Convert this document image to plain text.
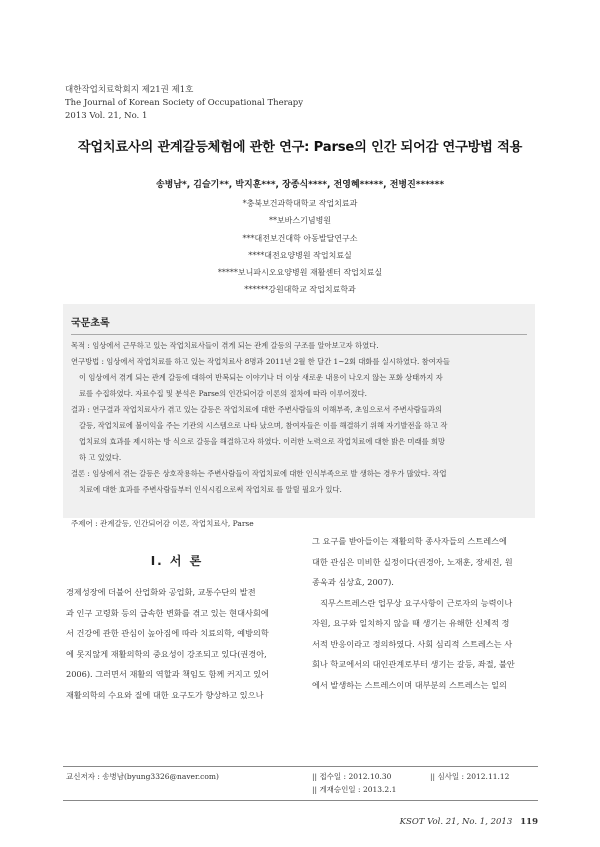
대한작업치료학회지 제21권 제1호
The Journal of Korean Society of Occupational Therapy
2013 Vol. 21, No. 1
작업치료사의 관계갈등체험에 관한 연구: Parse의 인간 되어감 연구방법 적용
송병남*, 김슬기**, 박지훈***, 장종식****, 전영혜*****, 전병진******
*충북보건과학대학교 작업치료과
**보바스기념병원
***대전보건대학 아동발달연구소
****대전요양병원 작업치료실
*****보니파시오요양병원 재활센터 작업치료실
******강원대학교 작업치료학과
국문초록
목적 : 임상에서 근무하고 있는 작업치료사들이 겪게 되는 관계 갈등의 구조를 알아보고자 하였다.
연구방법 : 임상에서 작업치료를 하고 있는 작업치료사 8명과 2011년 2월 한 달간 1~2회 대화를 실시하였다. 참여자들
이 임상에서 겪게 되는 관계 갈등에 대하여 반복되는 이야기나 더 이상 새로운 내용이 나오지 않는 포화 상태까지 자
료를 수집하였다. 자료수집 및 분석은 Parse의 인간되어감 이론의 절차에 따라 이루어졌다.
결과 : 연구결과 작업치료사가 겪고 있는 갈등은 작업치료에 대한 주변사람들의 이해부족, 초임으로서 주변사람들과의
갈등, 작업치료에 불이익을 주는 기관의 시스템으로 나타 났으며, 참여자들은 이를 해결하기 위해 자기발전을 하고 작
업치료의 효과를 제시하는 방 식으로 갈등을 해결하고자 하였다. 이러한 노력으로 작업치료에 대한 밝은 미래를 희망
하 고 있었다.
결론 : 임상에서 겪는 갈등은 상호작용하는 주변사람들이 작업치료에 대한 인식부족으로 발 생하는 경우가 많았다. 작업
치료에 대한 효과를 주변사람들부터 인식시킴으로써 작업치료 를 알릴 필요가 있다.
주제어 : 관계갈등, 인간되어감 이론, 작업치료사, Parse
Ⅰ. 서 론
경제성장에 더불어 산업화와 공업화, 교통수단의 발전
과 인구 고령화 등의 급속한 변화를 겪고 있는 현대사회에
서 건강에 관한 관심이 높아짐에 따라 치료의학, 예방의학
에 못지않게 재활의학의 중요성이 강조되고 있다(권경아,
2006). 그러면서 재활의 역할과 책임도 함께 커지고 있어
재활의학의 수요와 질에 대한 요구도가 향상하고 있으나
그 요구를 받아들이는 재활의학 종사자들의 스트레스에
대한 관심은 미비한 실정이다(권경아, 노재훈, 장세진, 원
종욱과 심상효, 2007).
직무스트레스란 업무상 요구사항이 근로자의 능력이나
자원, 요구와 일치하지 않을 때 생기는 유해한 신체적 정
서적 반응이라고 정의하였다. 사회 심리적 스트레스는 사
회나 학교에서의 대인관계로부터 생기는 갈등, 좌절, 불안
에서 발생하는 스트레스이며 대부분의 스트레스는 일의
교신저자 : 송병남(byung3326@naver.com)	|| 접수일 : 2012.10.30	|| 심사일 : 2012.11.12
|| 게재승인일 : 2013.2.1
KSOT Vol. 21, No. 1, 2013 119
